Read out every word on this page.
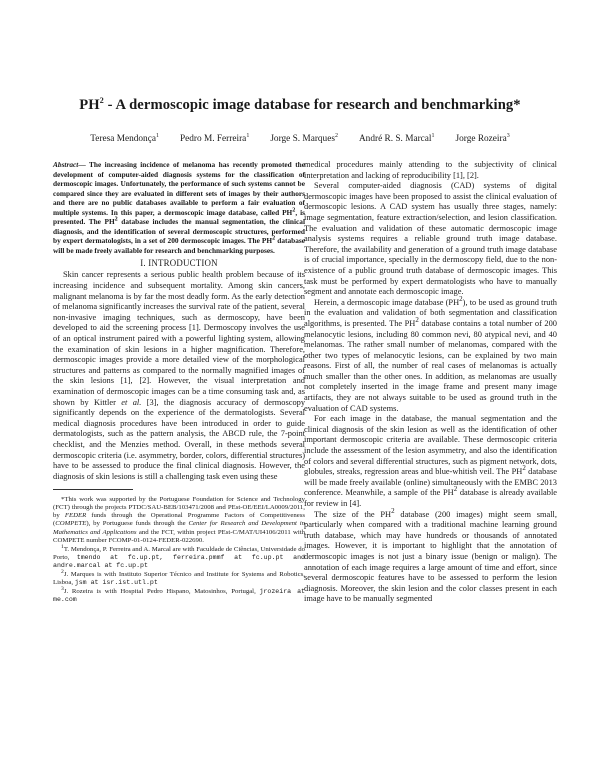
$PH^2$ - A dermoscopic image database for research and benchmarking*
Teresa Mendonça$^1$ Pedro M. Ferreira$^1$ Jorge S. Marques$^2$ André R. S. Marcal$^1$ Jorge Rozeira$^3$

Abstract— The increasing incidence of melanoma has recently promoted the development of computer-aided diagnosis systems for the classification of dermoscopic images. Unfortunately, the performance of such systems cannot be compared since they are evaluated in different sets of images by their authors and there are no public databases available to perform a fair evaluation of multiple systems. In this paper, a dermoscopic image database, called $PH^2$, is presented. The $PH^2$ database includes the manual segmentation, the clinical diagnosis, and the identification of several dermoscopic structures, performed by expert dermatologists, in a set of 200 dermoscopic images. The $PH^2$ database will be made freely available for research and benchmarking purposes.

I. INTRODUCTION

Skin cancer represents a serious public health problem because of its increasing incidence and subsequent mortality. Among skin cancers, malignant melanoma is by far the most deadly form. As the early detection of melanoma significantly increases the survival rate of the patient, several non-invasive imaging techniques, such as dermoscopy, have been developed to aid the screening process [1]. Dermoscopy involves the use of an optical instrument paired with a powerful lighting system, allowing the examination of skin lesions in a higher magnification. Therefore, dermoscopic images provide a more detailed view of the morphological structures and patterns as compared to the normally magnified images of the skin lesions [1], [2]. However, the visual interpretation and examination of dermoscopic images can be a time consuming task and, as shown by Kittler et al. [3], the diagnosis accuracy of dermoscopy significantly depends on the experience of the dermatologists. Several medical diagnosis procedures have been introduced in order to guide dermatologists, such as the pattern analysis, the ABCD rule, the 7-point checklist, and the Menzies method. Overall, in these methods several dermoscopic criteria (i.e. asymmetry, border, colors, differential structures) have to be assessed to produce the final clinical diagnosis. However, the diagnosis of skin lesions is still a challenging task even using these

*This work was supported by the Portuguese Foundation for Science and Technology (FCT) through the projects PTDC/SAU-BEB/103471/2008 and PEst-OE/EEI/LA0009/2011, by FEDER funds through the Operational Programme Factors of Competitiveness (COMPETE), by Portuguese funds through the Center for Research and Development in Mathematics and Applications and the FCT, within project PEst-C/MAT/UI4106/2011 with COMPETE number FCOMP-01-0124-FEDER-022690.

$^1$T. Mendonça, P. Ferreira and A. Marcal are with Faculdade de Ciências, Universidade do Porto, tmendo at fc.up.pt, ferreira.pmmf at fc.up.pt and andre.marcal at fc.up.pt

$^2$J. Marques is with Instituto Superior Técnico and Institute for Systems and Robotics, Lisboa, jsm at isr.ist.utl.pt

$^3$J. Rozeira is with Hospital Pedro Hispano, Matosinhos, Portugal, jrozeira at me.com

medical procedures mainly attending to the subjectivity of clinical interpretation and lacking of reproducibility [1], [2].

Several computer-aided diagnosis (CAD) systems of digital dermoscopic images have been proposed to assist the clinical evaluation of dermoscopic lesions. A CAD system has usually three stages, namely: image segmentation, feature extraction/selection, and lesion classification. The evaluation and validation of these automatic dermoscopic image analysis systems requires a reliable ground truth image database. Therefore, the availability and generation of a ground truth image database is of crucial importance, specially in the dermoscopy field, due to the non-existence of a public ground truth database of dermoscopic images. This task must be performed by expert dermatologists who have to manually segment and annotate each dermoscopic image.

Herein, a dermoscopic image database $(PH^2)$, to be used as ground truth in the evaluation and validation of both segmentation and classification algorithms, is presented. The $PH^2$ database contains a total number of 200 melanocytic lesions, including 80 common nevi, 80 atypical nevi, and 40 melanomas. The rather small number of melanomas, compared with the other two types of melanocytic lesions, can be explained by two main reasons. First of all, the number of real cases of melanomas is actually much smaller than the other ones. In addition, as melanomas are usually not completely inserted in the image frame and present many image artifacts, they are not always suitable to be used as ground truth in the evaluation of CAD systems.

For each image in the database, the manual segmentation and the clinical diagnosis of the skin lesion as well as the identification of other important dermoscopic criteria are available. These dermoscopic criteria include the assessment of the lesion asymmetry, and also the identification of colors and several differential structures, such as pigment network, dots, globules, streaks, regression areas and blue-whitish veil. The $PH^2$ database will be made freely available (online) simultaneously with the EMBC 2013 conference. Meanwhile, a sample of the $PH^2$ database is already available for review in [4].

The size of the $PH^2$ database (200 images) might seem small, particularly when compared with a traditional machine learning ground truth database, which may have hundreds or thousands of annotated images. However, it is important to highlight that the annotation of dermoscopic images is not just a binary issue (benign or malign). The annotation of each image requires a large amount of time and effort, since several dermoscopic features have to be assessed to perform the lesion diagnosis. Moreover, the skin lesion and the color classes present in each image have to be manually segmented
